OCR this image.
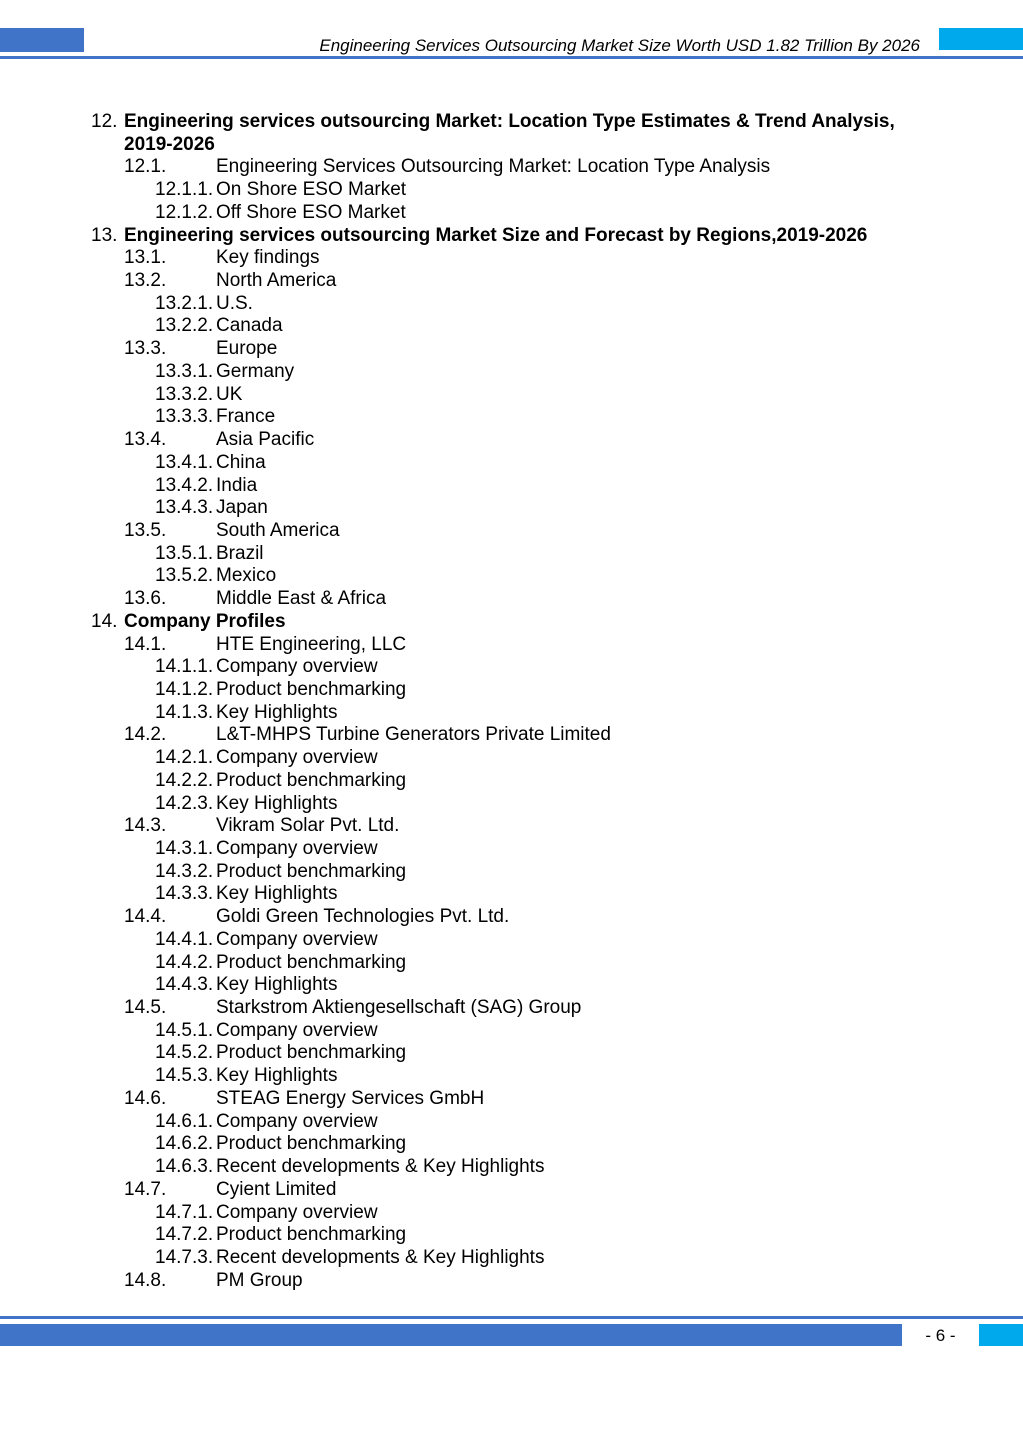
Engineering Services Outsourcing Market Size Worth USD 1.82 Trillion By 2026
12. Engineering services outsourcing Market: Location Type Estimates & Trend Analysis,
2019-2026
12.1.	Engineering Services Outsourcing Market: Location Type Analysis
12.1.1. On Shore ESO Market
12.1.2. Off Shore ESO Market
13. Engineering services outsourcing Market Size and Forecast by Regions,2019-2026
13.1.	Key findings
13.2.	North America
13.2.1. U.S.
13.2.2. Canada
13.3.	Europe
13.3.1. Germany
13.3.2. UK
13.3.3. France
13.4.	Asia Pacific
13.4.1. China
13.4.2. India
13.4.3. Japan
13.5.	South America
13.5.1. Brazil
13.5.2. Mexico
13.6.	Middle East & Africa
14. Company Profiles
14.1.	HTE Engineering, LLC
14.1.1. Company overview
14.1.2. Product benchmarking
14.1.3. Key Highlights
14.2.	L&T-MHPS Turbine Generators Private Limited
14.2.1. Company overview
14.2.2. Product benchmarking
14.2.3. Key Highlights
14.3.	Vikram Solar Pvt. Ltd.
14.3.1. Company overview
14.3.2. Product benchmarking
14.3.3. Key Highlights
14.4.	Goldi Green Technologies Pvt. Ltd.
14.4.1. Company overview
14.4.2. Product benchmarking
14.4.3. Key Highlights
14.5.	Starkstrom Aktiengesellschaft (SAG) Group
14.5.1. Company overview
14.5.2. Product benchmarking
14.5.3. Key Highlights
14.6.	STEAG Energy Services GmbH
14.6.1. Company overview
14.6.2. Product benchmarking
14.6.3. Recent developments & Key Highlights
14.7.	Cyient Limited
14.7.1. Company overview
14.7.2. Product benchmarking
14.7.3. Recent developments & Key Highlights
14.8.	PM Group
- 6 -
